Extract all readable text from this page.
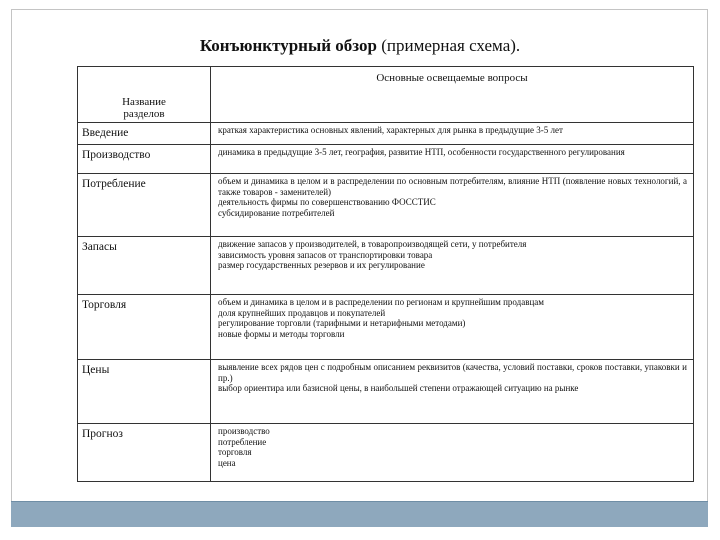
Конъюнктурный обзор (примерная схема).
Название
разделов	Основные освещаемые вопросы
Введение	краткая характеристика основных явлений, характерных для рынка в предыдущие 3-5 лет

Производство	динамика в предыдущие 3-5 лет, география, развитие НТП, особенности государственного регулирования

Потребление	объем и динамика в целом и в распределении по основным потребителям, влияние НТП (появление новых технологий, а также товаров - заменителей)
деятельность фирмы по совершенствованию ФОССТИС
субсидирование потребителей

Запасы	движение запасов у производителей, в товаропроизводящей сети, у потребителя
зависимость уровня запасов от транспортировки товара
размер государственных резервов и их регулирование

Торговля	объем и динамика в целом и в распределении по регионам и крупнейшим продавцам
доля крупнейших продавцов и покупателей
регулирование торговли (тарифными и нетарифными методами)
новые формы и методы торговли

Цены	выявление всех рядов цен с подробным описанием реквизитов (качества, условий поставки, сроков поставки, упаковки и пр.)
выбор ориентира или базисной цены, в наибольшей степени отражающей ситуацию на рынке

Прогноз	производство
потребление
торговля
цена
